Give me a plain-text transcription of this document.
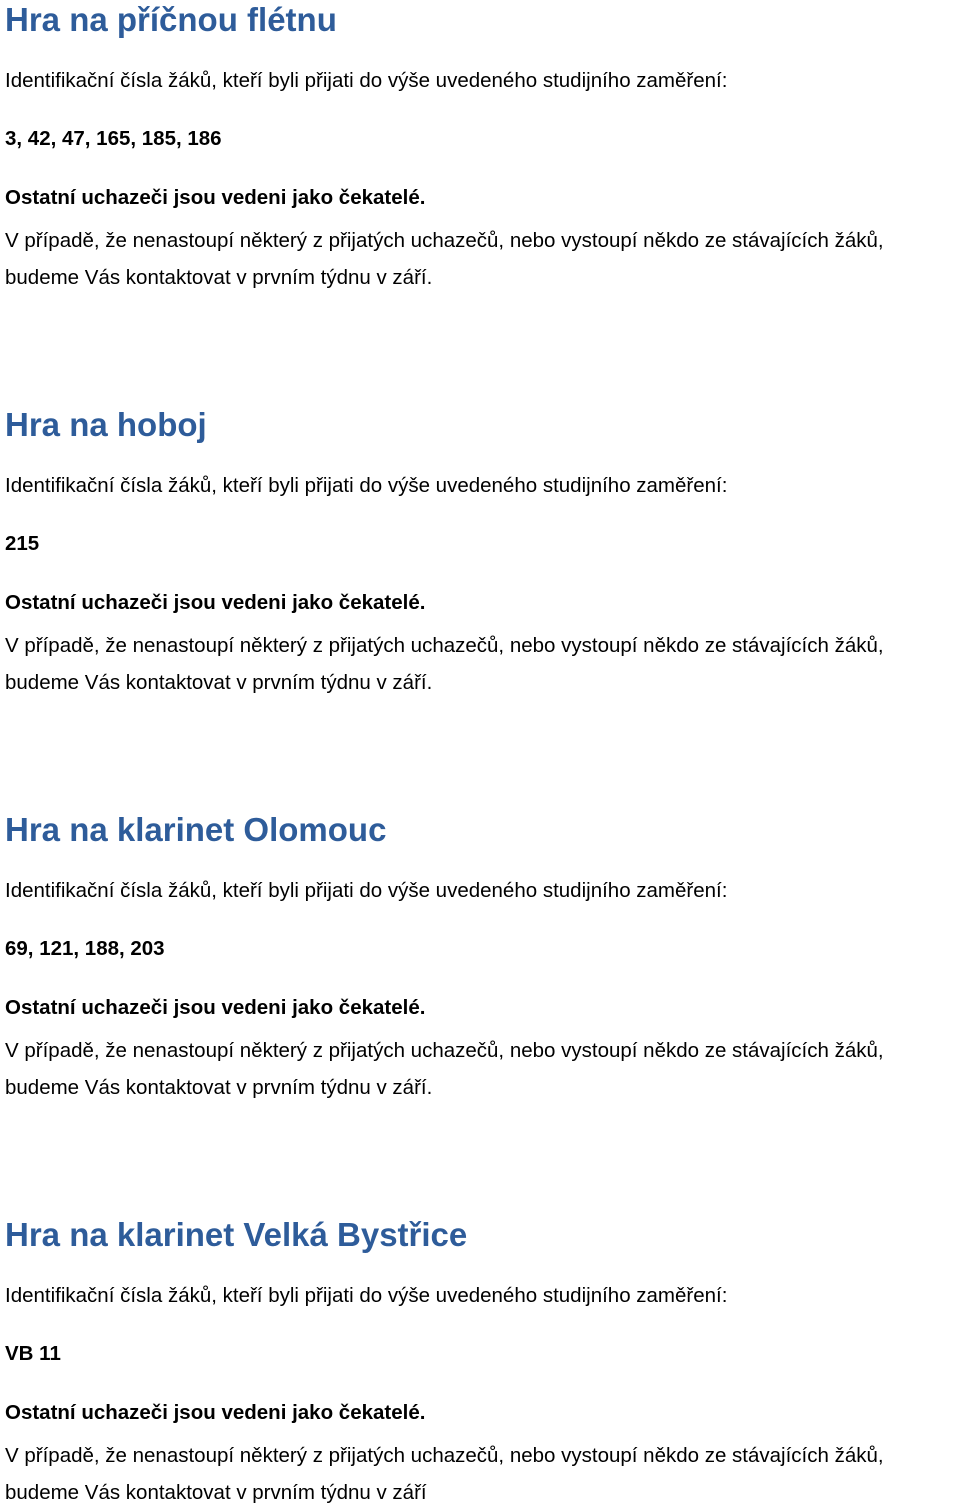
Hra na příčnou flétnu

Identifikační čísla žáků, kteří byli přijati do výše uvedeného studijního zaměření:

3, 42, 47, 165, 185, 186

Ostatní uchazeči jsou vedeni jako čekatelé.

V případě, že nenastoupí některý z přijatých uchazečů, nebo vystoupí někdo ze stávajících žáků, budeme Vás kontaktovat v prvním týdnu v září.

Hra na hoboj

Identifikační čísla žáků, kteří byli přijati do výše uvedeného studijního zaměření:

215

Ostatní uchazeči jsou vedeni jako čekatelé.

V případě, že nenastoupí některý z přijatých uchazečů, nebo vystoupí někdo ze stávajících žáků, budeme Vás kontaktovat v prvním týdnu v září.

Hra na klarinet Olomouc

Identifikační čísla žáků, kteří byli přijati do výše uvedeného studijního zaměření:

69, 121, 188, 203

Ostatní uchazeči jsou vedeni jako čekatelé.

V případě, že nenastoupí některý z přijatých uchazečů, nebo vystoupí někdo ze stávajících žáků, budeme Vás kontaktovat v prvním týdnu v září.

Hra na klarinet Velká Bystřice

Identifikační čísla žáků, kteří byli přijati do výše uvedeného studijního zaměření:

VB 11

Ostatní uchazeči jsou vedeni jako čekatelé.

V případě, že nenastoupí některý z přijatých uchazečů, nebo vystoupí někdo ze stávajících žáků, budeme Vás kontaktovat v prvním týdnu v září
